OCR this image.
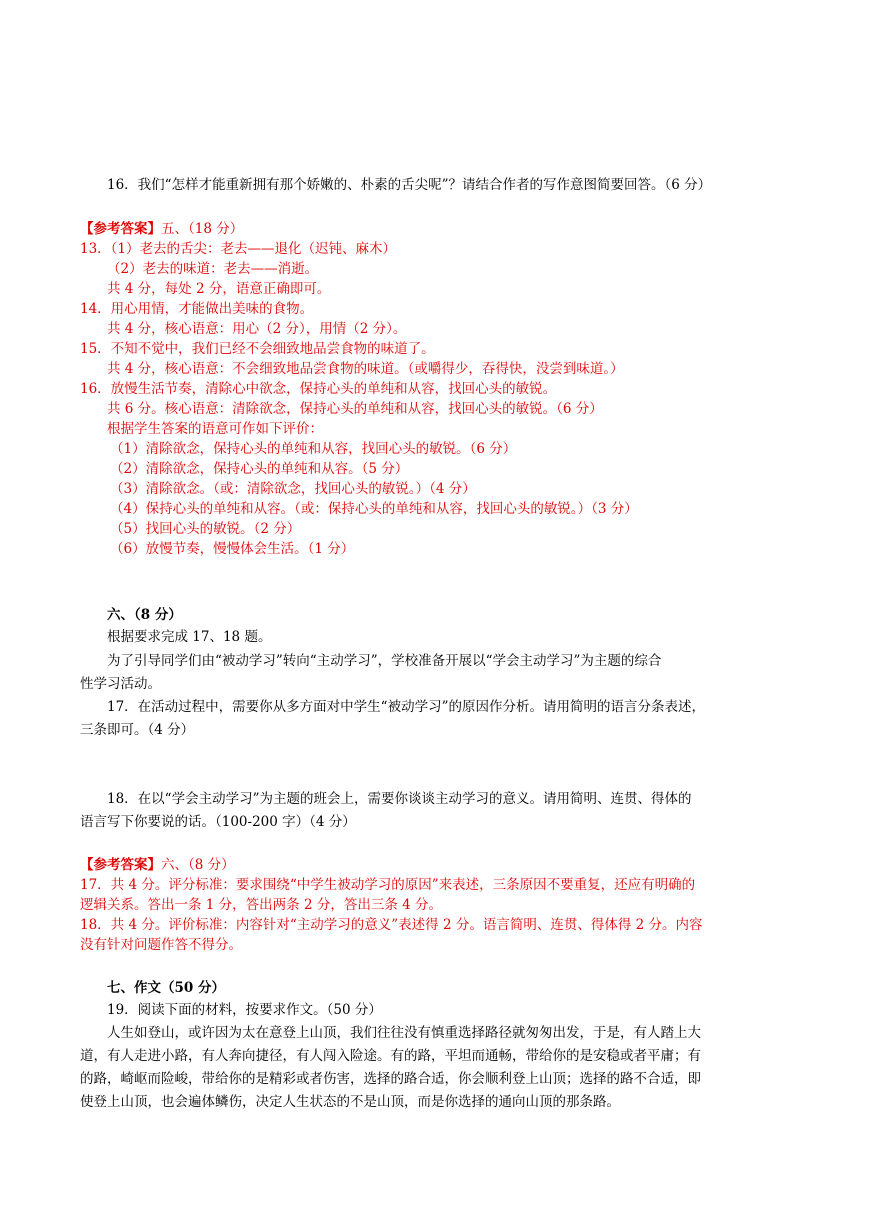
16．我们“怎样才能重新拥有那个娇嫩的、朴素的舌尖呢”？请结合作者的写作意图简要回答。（6 分）
【参考答案】五、（18 分）
13．（1）老去的舌尖：老去——退化（迟钝、麻木）
（2）老去的味道：老去——消逝。
共 4 分，每处 2 分，语意正确即可。
14．用心用情，才能做出美味的食物。
共 4 分，核心语意：用心（2 分），用情（2 分）。
15．不知不觉中，我们已经不会细致地品尝食物的味道了。
共 4 分，核心语意：不会细致地品尝食物的味道。（或嚼得少，吞得快，没尝到味道。）
16．放慢生活节奏，清除心中欲念，保持心头的单纯和从容，找回心头的敏锐。
共 6 分。核心语意：清除欲念，保持心头的单纯和从容，找回心头的敏锐。（6 分）
根据学生答案的语意可作如下评价：
（1）清除欲念，保持心头的单纯和从容，找回心头的敏锐。（6 分）
（2）清除欲念，保持心头的单纯和从容。（5 分）
（3）清除欲念。（或：清除欲念，找回心头的敏锐。）（4 分）
（4）保持心头的单纯和从容。（或：保持心头的单纯和从容，找回心头的敏锐。）（3 分）
（5）找回心头的敏锐。（2 分）
（6）放慢节奏，慢慢体会生活。（1 分）
六、（8 分）
根据要求完成 17、18 题。
为了引导同学们由“被动学习”转向“主动学习”，学校准备开展以“学会主动学习”为主题的综合
性学习活动。
17．在活动过程中，需要你从多方面对中学生“被动学习”的原因作分析。请用简明的语言分条表述，
三条即可。（4 分）
18．在以“学会主动学习”为主题的班会上，需要你谈谈主动学习的意义。请用简明、连贯、得体的
语言写下你要说的话。（100-200 字）（4 分）
【参考答案】六、（8 分）
17．共 4 分。评分标准：要求围绕“中学生被动学习的原因”来表述，三条原因不要重复，还应有明确的
逻辑关系。答出一条 1 分，答出两条 2 分，答出三条 4 分。
18．共 4 分。评价标准：内容针对“主动学习的意义”表述得 2 分。语言简明、连贯、得体得 2 分。内容
没有针对问题作答不得分。
七、作文（50 分）
19．阅读下面的材料，按要求作文。（50 分）
人生如登山，或许因为太在意登上山顶，我们往往没有慎重选择路径就匆匆出发，于是，有人踏上大
道，有人走进小路，有人奔向捷径，有人闯入险途。有的路，平坦而通畅，带给你的是安稳或者平庸；有
的路，崎岖而险峻，带给你的是精彩或者伤害，选择的路合适，你会顺利登上山顶；选择的路不合适，即
使登上山顶，也会遍体鳞伤，决定人生状态的不是山顶，而是你选择的通向山顶的那条路。
